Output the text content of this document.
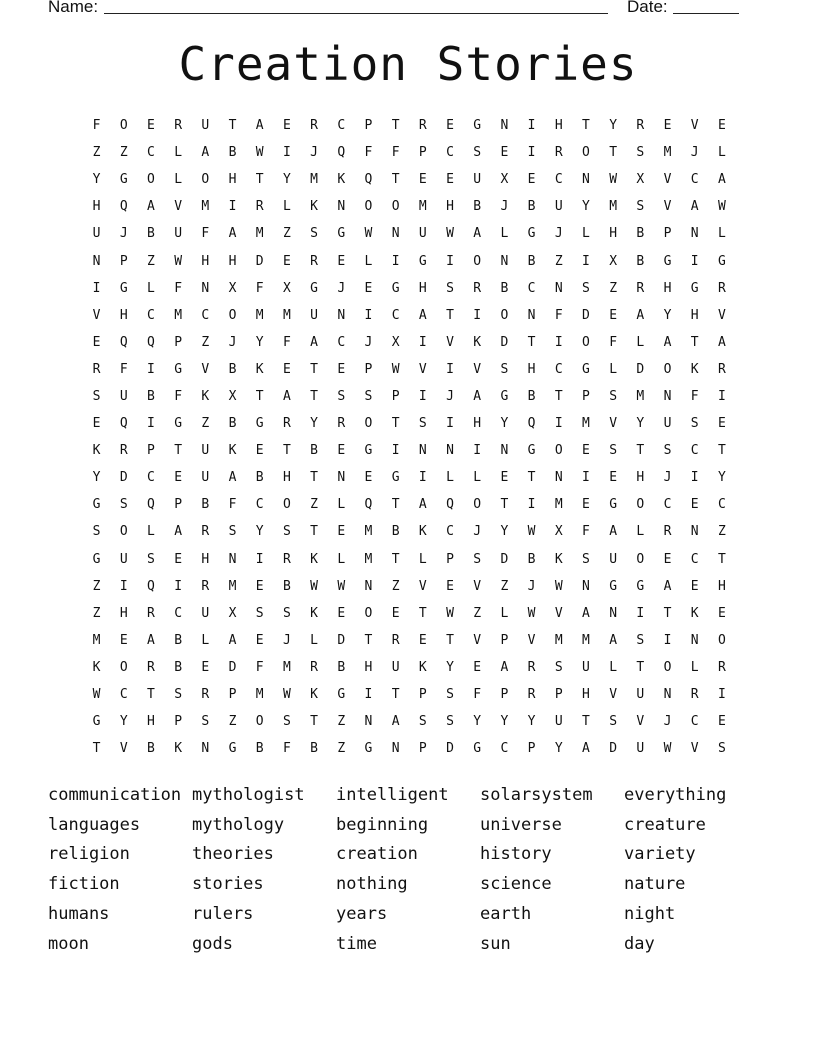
Name:	Date:
Creation Stories
F	O	E	R	U	T	A	E	R	C	P	T	R	E	G	N	I	H	T	Y	R	E	V	E
Z	Z	C	L	A	B	W	I	J	Q	F	F	P	C	S	E	I	R	O	T	S	M	J	L
Y	G	O	L	O	H	T	Y	M	K	Q	T	E	E	U	X	E	C	N	W	X	V	C	A
H	Q	A	V	M	I	R	L	K	N	O	O	M	H	B	J	B	U	Y	M	S	V	A	W
U	J	B	U	F	A	M	Z	S	G	W	N	U	W	A	L	G	J	L	H	B	P	N	L
N	P	Z	W	H	H	D	E	R	E	L	I	G	I	O	N	B	Z	I	X	B	G	I	G
I	G	L	F	N	X	F	X	G	J	E	G	H	S	R	B	C	N	S	Z	R	H	G	R
V	H	C	M	C	O	M	M	U	N	I	C	A	T	I	O	N	F	D	E	A	Y	H	V
E	Q	Q	P	Z	J	Y	F	A	C	J	X	I	V	K	D	T	I	O	F	L	A	T	A
R	F	I	G	V	B	K	E	T	E	P	W	V	I	V	S	H	C	G	L	D	O	K	R
S	U	B	F	K	X	T	A	T	S	S	P	I	J	A	G	B	T	P	S	M	N	F	I
E	Q	I	G	Z	B	G	R	Y	R	O	T	S	I	H	Y	Q	I	M	V	Y	U	S	E
K	R	P	T	U	K	E	T	B	E	G	I	N	N	I	N	G	O	E	S	T	S	C	T
Y	D	C	E	U	A	B	H	T	N	E	G	I	L	L	E	T	N	I	E	H	J	I	Y
G	S	Q	P	B	F	C	O	Z	L	Q	T	A	Q	O	T	I	M	E	G	O	C	E	C
S	O	L	A	R	S	Y	S	T	E	M	B	K	C	J	Y	W	X	F	A	L	R	N	Z
G	U	S	E	H	N	I	R	K	L	M	T	L	P	S	D	B	K	S	U	O	E	C	T
Z	I	Q	I	R	M	E	B	W	W	N	Z	V	E	V	Z	J	W	N	G	G	A	E	H
Z	H	R	C	U	X	S	S	K	E	O	E	T	W	Z	L	W	V	A	N	I	T	K	E
M	E	A	B	L	A	E	J	L	D	T	R	E	T	V	P	V	M	M	A	S	I	N	O
K	O	R	B	E	D	F	M	R	B	H	U	K	Y	E	A	R	S	U	L	T	O	L	R
W	C	T	S	R	P	M	W	K	G	I	T	P	S	F	P	R	P	H	V	U	N	R	I
G	Y	H	P	S	Z	O	S	T	Z	N	A	S	S	Y	Y	Y	U	T	S	V	J	C	E
T	V	B	K	N	G	B	F	B	Z	G	N	P	D	G	C	P	Y	A	D	U	W	V	S
communication mythologist	intelligent	solarsystem	everything
languages	mythology	beginning	universe	creature
religion	theories	creation	history	variety
fiction	stories	nothing	science	nature
humans	rulers	years	earth	night
moon	gods	time	sun	day
